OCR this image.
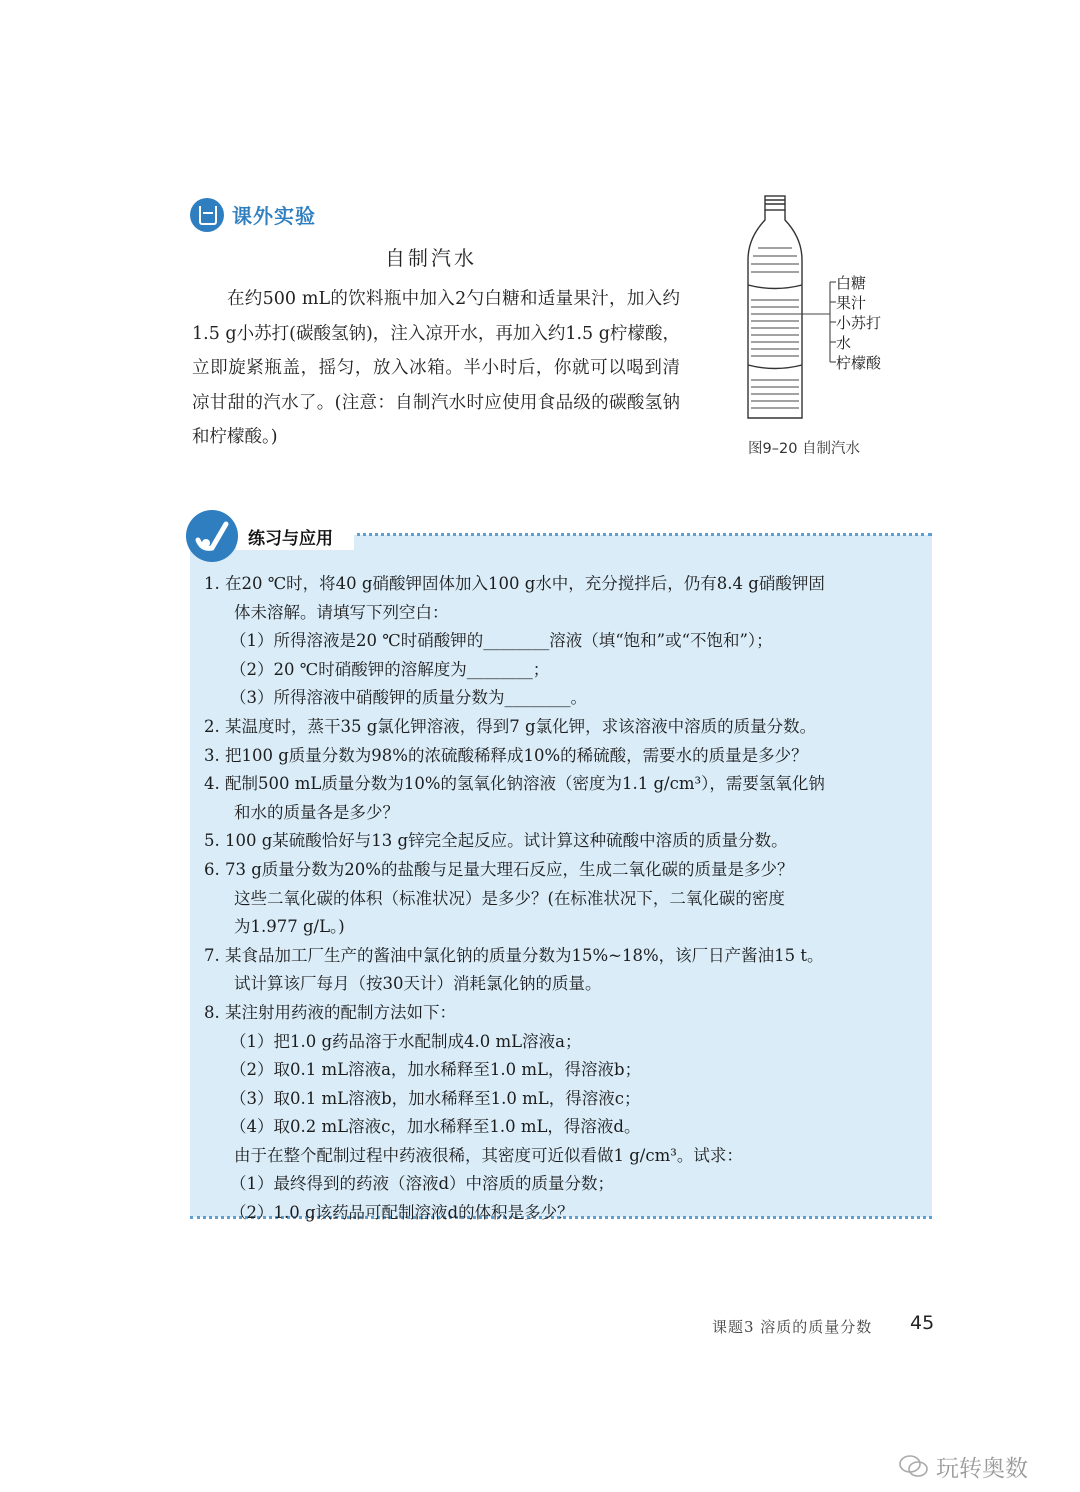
课外实验
自制汽水

在约500 mL的饮料瓶中加入2勺白糖和适量果汁，加入约1.5 g小苏打(碳酸氢钠)，注入凉开水，再加入约1.5 g柠檬酸，立即旋紧瓶盖，摇匀，放入冰箱。半小时后，你就可以喝到清凉甘甜的汽水了。(注意：自制汽水时应使用食品级的碳酸氢钠和柠檬酸。)

白糖
果汁
小苏打
水
柠檬酸
图9–20 自制汽水
练习与应用
1. 在20 ℃时，将40 g硝酸钾固体加入100 g水中，充分搅拌后，仍有8.4 g硝酸钾固
体未溶解。请填写下列空白：
（1）所得溶液是20 ℃时硝酸钾的________溶液（填“饱和”或“不饱和”）；
（2）20 ℃时硝酸钾的溶解度为________；
（3）所得溶液中硝酸钾的质量分数为________。
2. 某温度时，蒸干35 g氯化钾溶液，得到7 g氯化钾，求该溶液中溶质的质量分数。
3. 把100 g质量分数为98%的浓硫酸稀释成10%的稀硫酸，需要水的质量是多少？
4. 配制500 mL质量分数为10%的氢氧化钠溶液（密度为1.1 g/cm³），需要氢氧化钠
和水的质量各是多少？
5. 100 g某硫酸恰好与13 g锌完全起反应。试计算这种硫酸中溶质的质量分数。
6. 73 g质量分数为20%的盐酸与足量大理石反应，生成二氧化碳的质量是多少？
这些二氧化碳的体积（标准状况）是多少？(在标准状况下，二氧化碳的密度
为1.977 g/L。)
7. 某食品加工厂生产的酱油中氯化钠的质量分数为15%~18%，该厂日产酱油15 t。
试计算该厂每月（按30天计）消耗氯化钠的质量。
8. 某注射用药液的配制方法如下：
（1）把1.0 g药品溶于水配制成4.0 mL溶液a；
（2）取0.1 mL溶液a，加水稀释至1.0 mL，得溶液b；
（3）取0.1 mL溶液b，加水稀释至1.0 mL，得溶液c；
（4）取0.2 mL溶液c，加水稀释至1.0 mL，得溶液d。
由于在整个配制过程中药液很稀，其密度可近似看做1 g/cm³。试求：
（1）最终得到的药液（溶液d）中溶质的质量分数；
（2）1.0 g该药品可配制溶液d的体积是多少？
课题3 溶质的质量分数 45
玩转奥数
